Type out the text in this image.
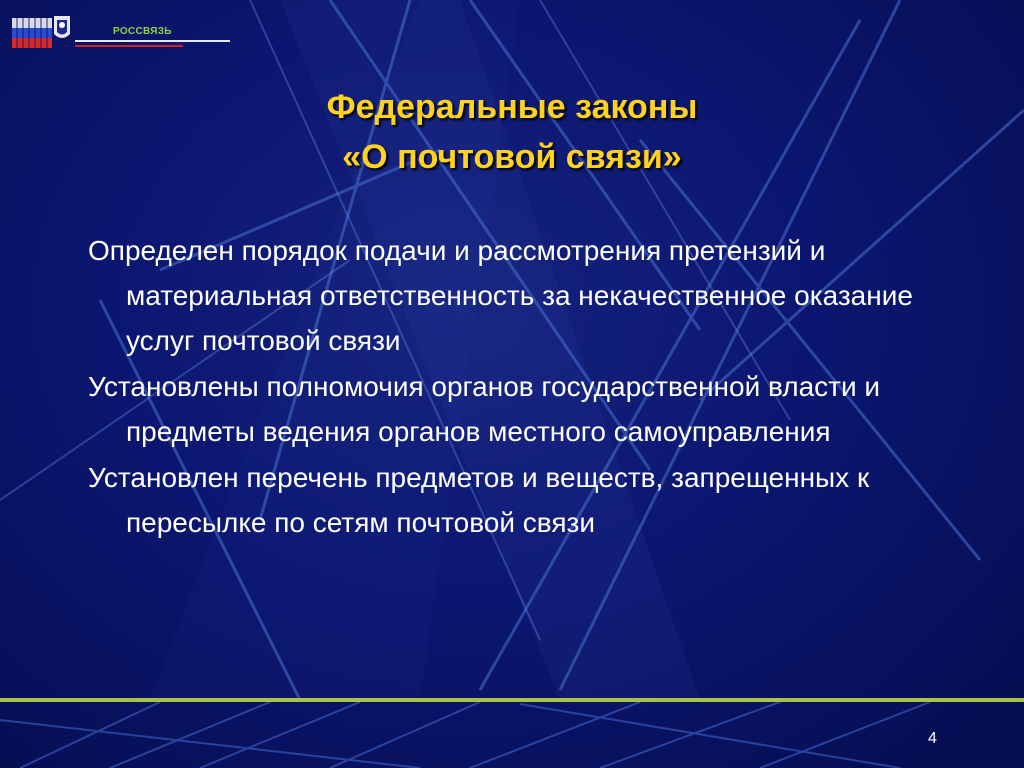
РОССВЯЗЬ
Федеральные законы
«О почтовой связи»

Определен порядок подачи и рассмотрения претензий и материальная ответственность за некачественное оказание услуг почтовой связи

Установлены полномочия органов государственной власти и предметы ведения органов местного самоуправления

Установлен перечень предметов и веществ, запрещенных к пересылке по сетям почтовой связи

4
